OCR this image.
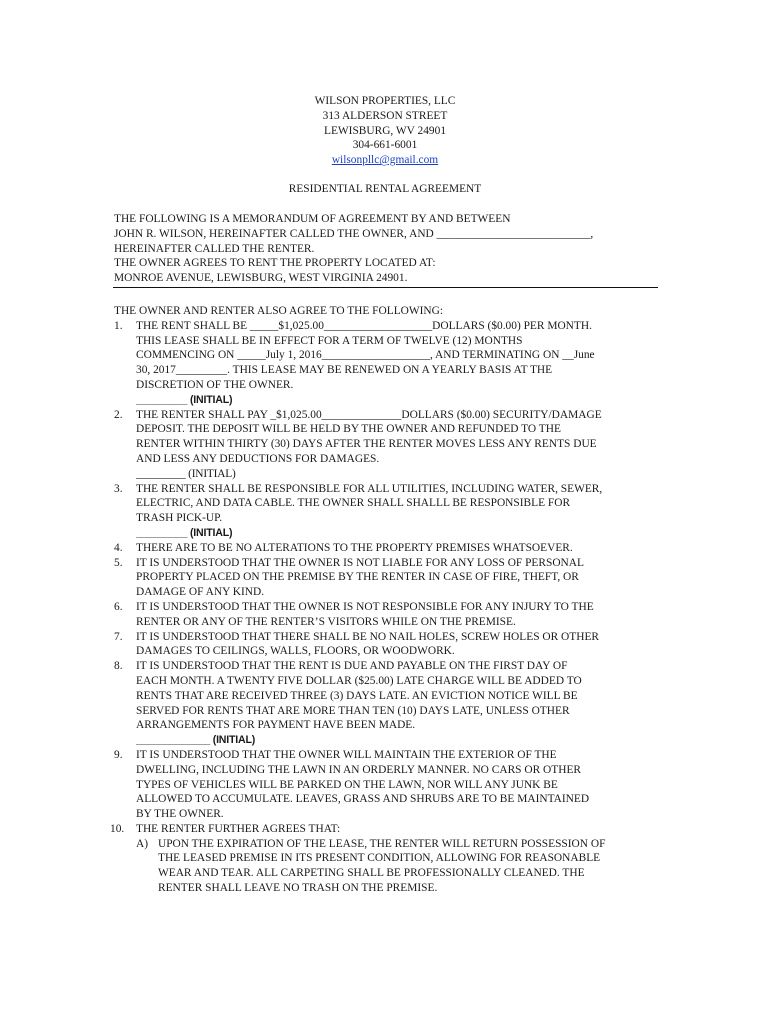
WILSON PROPERTIES, LLC
313 ALDERSON STREET
LEWISBURG, WV 24901
304-661-6001
wilsonpllc@gmail.com
RESIDENTIAL RENTAL AGREEMENT
THE FOLLOWING IS A MEMORANDUM OF AGREEMENT BY AND BETWEEN
JOHN R. WILSON, HEREINAFTER CALLED THE OWNER, AND ___________________________,
HEREINAFTER CALLED THE RENTER.
THE OWNER AGREES TO RENT THE PROPERTY LOCATED AT:
MONROE AVENUE, LEWISBURG, WEST VIRGINIA 24901.
THE OWNER AND RENTER ALSO AGREE TO THE FOLLOWING:
1. THE RENT SHALL BE _____$1,025.00___________________DOLLARS ($0.00) PER MONTH.
THIS LEASE SHALL BE IN EFFECT FOR A TERM OF TWELVE (12) MONTHS
COMMENCING ON _____July 1, 2016___________________, AND TERMINATING ON __June
30, 2017_________. THIS LEASE MAY BE RENEWED ON A YEARLY BASIS AT THE
DISCRETION OF THE OWNER.
_________ (INITIAL)
2. THE RENTER SHALL PAY _$1,025.00______________DOLLARS ($0.00) SECURITY/DAMAGE
DEPOSIT. THE DEPOSIT WILL BE HELD BY THE OWNER AND REFUNDED TO THE
RENTER WITHIN THIRTY (30) DAYS AFTER THE RENTER MOVES LESS ANY RENTS DUE
AND LESS ANY DEDUCTIONS FOR DAMAGES.
_________ (INITIAL)
3. THE RENTER SHALL BE RESPONSIBLE FOR ALL UTILITIES, INCLUDING WATER, SEWER,
ELECTRIC, AND DATA CABLE. THE OWNER SHALL SHALLL BE RESPONSIBLE FOR
TRASH PICK-UP.
_________ (INITIAL)
4. THERE ARE TO BE NO ALTERATIONS TO THE PROPERTY PREMISES WHATSOEVER.
5. IT IS UNDERSTOOD THAT THE OWNER IS NOT LIABLE FOR ANY LOSS OF PERSONAL
PROPERTY PLACED ON THE PREMISE BY THE RENTER IN CASE OF FIRE, THEFT, OR
DAMAGE OF ANY KIND.
6. IT IS UNDERSTOOD THAT THE OWNER IS NOT RESPONSIBLE FOR ANY INJURY TO THE
RENTER OR ANY OF THE RENTER’S VISITORS WHILE ON THE PREMISE.
7. IT IS UNDERSTOOD THAT THERE SHALL BE NO NAIL HOLES, SCREW HOLES OR OTHER
DAMAGES TO CEILINGS, WALLS, FLOORS, OR WOODWORK.
8. IT IS UNDERSTOOD THAT THE RENT IS DUE AND PAYABLE ON THE FIRST DAY OF
EACH MONTH. A TWENTY FIVE DOLLAR ($25.00) LATE CHARGE WILL BE ADDED TO
RENTS THAT ARE RECEIVED THREE (3) DAYS LATE. AN EVICTION NOTICE WILL BE
SERVED FOR RENTS THAT ARE MORE THAN TEN (10) DAYS LATE, UNLESS OTHER
ARRANGEMENTS FOR PAYMENT HAVE BEEN MADE.
_____________ (INITIAL)
9. IT IS UNDERSTOOD THAT THE OWNER WILL MAINTAIN THE EXTERIOR OF THE
DWELLING, INCLUDING THE LAWN IN AN ORDERLY MANNER. NO CARS OR OTHER
TYPES OF VEHICLES WILL BE PARKED ON THE LAWN, NOR WILL ANY JUNK BE
ALLOWED TO ACCUMULATE. LEAVES, GRASS AND SHRUBS ARE TO BE MAINTAINED
BY THE OWNER.
10. THE RENTER FURTHER AGREES THAT:
A) UPON THE EXPIRATION OF THE LEASE, THE RENTER WILL RETURN POSSESSION OF
THE LEASED PREMISE IN ITS PRESENT CONDITION, ALLOWING FOR REASONABLE
WEAR AND TEAR. ALL CARPETING SHALL BE PROFESSIONALLY CLEANED. THE
RENTER SHALL LEAVE NO TRASH ON THE PREMISE.
